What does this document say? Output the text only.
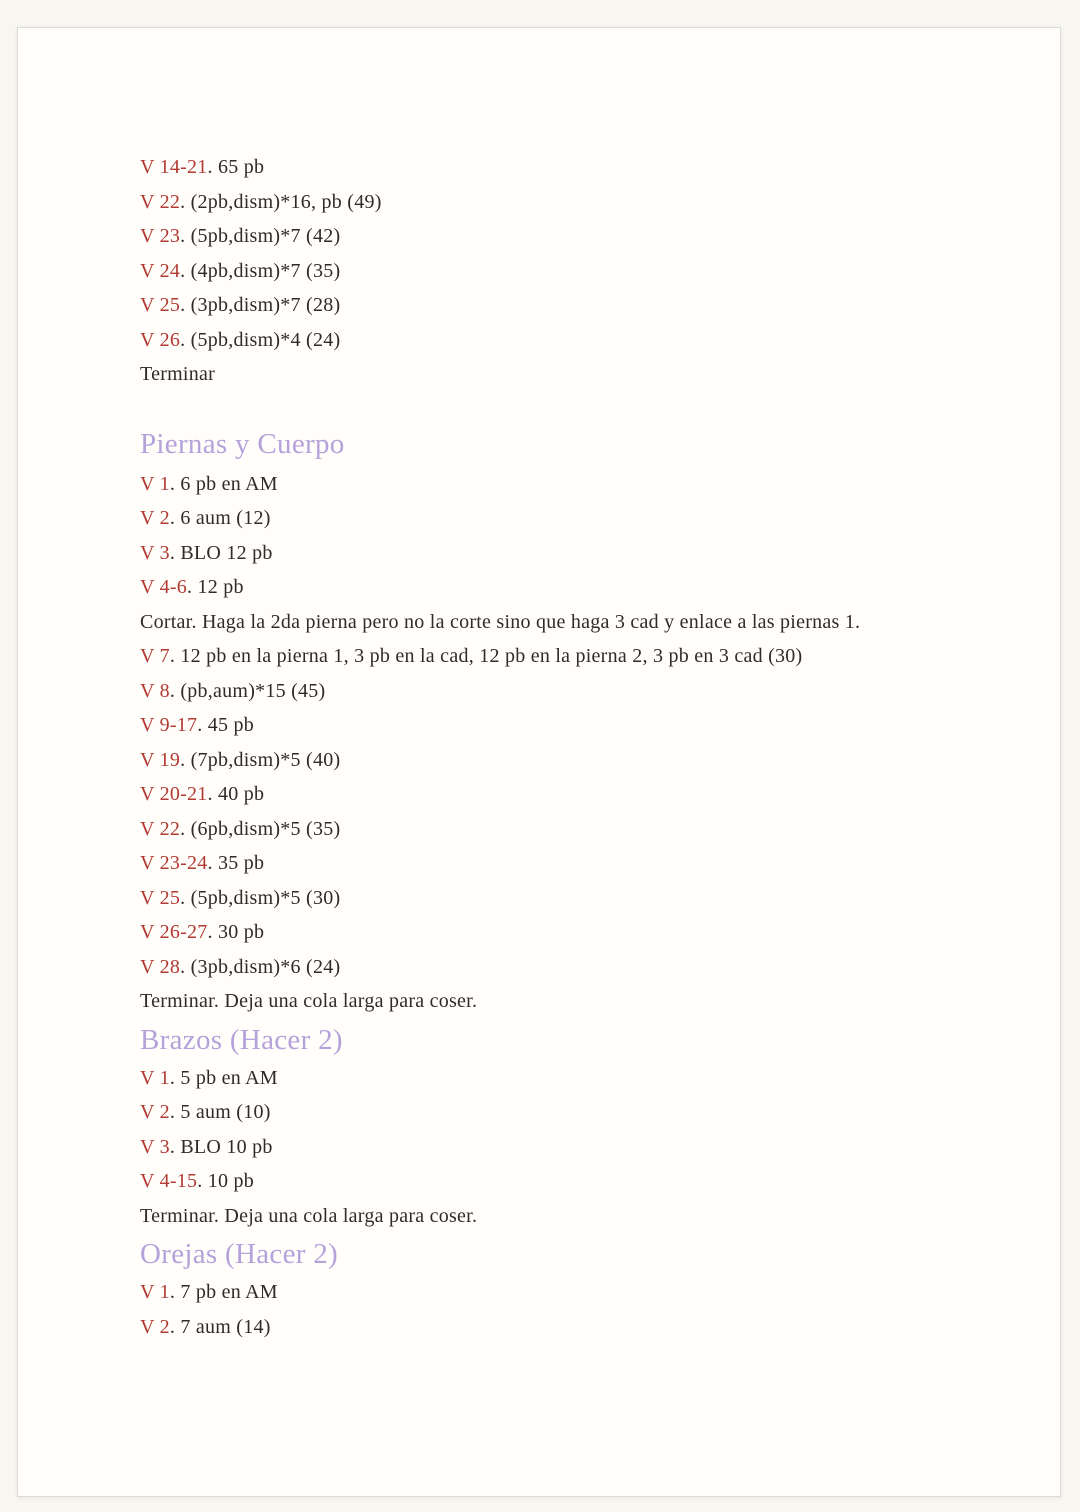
V 14-21. 65 pb

V 22. (2pb,dism)*16, pb (49)

V 23. (5pb,dism)*7 (42)

V 24. (4pb,dism)*7 (35)

V 25. (3pb,dism)*7 (28)

V 26. (5pb,dism)*4 (24)

Terminar

Piernas y Cuerpo

V 1. 6 pb en AM

V 2. 6 aum (12)

V 3. BLO 12 pb

V 4-6. 12 pb

Cortar. Haga la 2da pierna pero no la corte sino que haga 3 cad y enlace a las piernas 1.

V 7. 12 pb en la pierna 1, 3 pb en la cad, 12 pb en la pierna 2, 3 pb en 3 cad (30)

V 8. (pb,aum)*15 (45)

V 9-17. 45 pb

V 19. (7pb,dism)*5 (40)

V 20-21. 40 pb

V 22. (6pb,dism)*5 (35)

V 23-24. 35 pb

V 25. (5pb,dism)*5 (30)

V 26-27. 30 pb

V 28. (3pb,dism)*6 (24)

Terminar. Deja una cola larga para coser.

Brazos (Hacer 2)

V 1. 5 pb en AM

V 2. 5 aum (10)

V 3. BLO 10 pb

V 4-15. 10 pb

Terminar. Deja una cola larga para coser.

Orejas (Hacer 2)

V 1. 7 pb en AM

V 2. 7 aum (14)
